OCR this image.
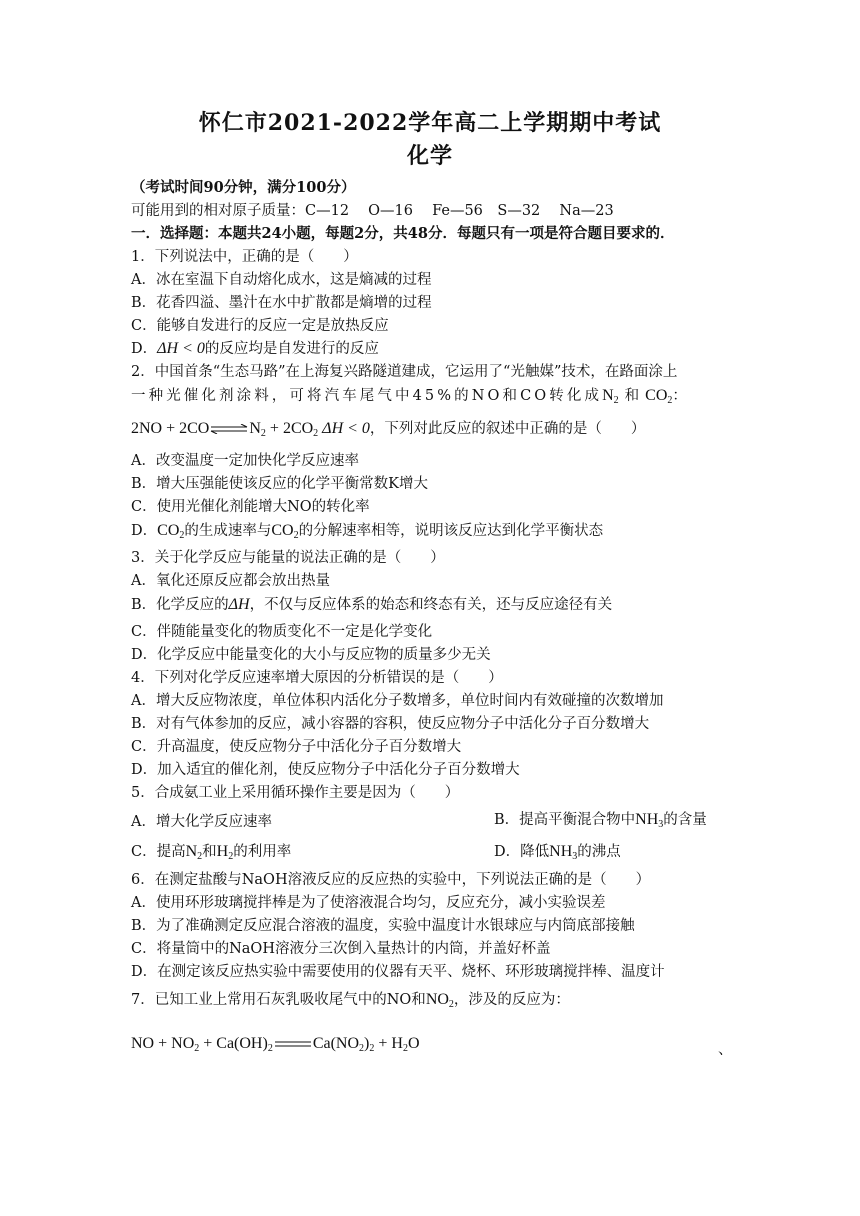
怀仁市2021-2022学年高二上学期期中考试
化学
（考试时间90分钟，满分100分）
可能用到的相对原子质量：C—12　 O—16　 Fe—56　S—32　 Na—23
一．选择题：本题共24小题，每题2分，共48分．每题只有一项是符合题目要求的．
1．下列说法中，正确的是（　　）
A．冰在室温下自动熔化成水，这是熵减的过程
B．花香四溢、墨汁在水中扩散都是熵增的过程
C．能够自发进行的反应一定是放热反应
D．ΔH < 0的反应均是自发进行的反应
2．中国首条“生态马路”在上海复兴路隧道建成，它运用了“光触媒”技术，在路面涂上
一种光催化剂涂料，可将汽车尾气中45%的NO和CO转化成$N_2$ 和 $CO_2$：
$2NO + 2CO\rightleftharpoons N_2 + 2CO_2$ ΔH < 0，下列对此反应的叙述中正确的是（　　）
A．改变温度一定加快化学反应速率
B．增大压强能使该反应的化学平衡常数K增大
C．使用光催化剂能增大NO的转化率
D．$CO_2$的生成速率与$CO_2$的分解速率相等，说明该反应达到化学平衡状态
3．关于化学反应与能量的说法正确的是（　　）
A．氧化还原反应都会放出热量
B．化学反应的ΔH，不仅与反应体系的始态和终态有关，还与反应途径有关
C．伴随能量变化的物质变化不一定是化学变化
D．化学反应中能量变化的大小与反应物的质量多少无关
4．下列对化学反应速率增大原因的分析错误的是（　　）
A．增大反应物浓度，单位体积内活化分子数增多，单位时间内有效碰撞的次数增加
B．对有气体参加的反应，减小容器的容积，使反应物分子中活化分子百分数增大
C．升高温度，使反应物分子中活化分子百分数增大
D．加入适宜的催化剂，使反应物分子中活化分子百分数增大
5．合成氨工业上采用循环操作主要是因为（　　）
A．增大化学反应速率	B．提高平衡混合物中$NH_3$的含量
C．提高$N_2$和$H_2$的利用率	D．降低$NH_3$的沸点
6．在测定盐酸与NaOH溶液反应的反应热的实验中，下列说法正确的是（　　）
A．使用环形玻璃搅拌棒是为了使溶液混合均匀，反应充分，减小实验误差
B．为了准确测定反应混合溶液的温度，实验中温度计水银球应与内筒底部接触
C．将量筒中的NaOH溶液分三次倒入量热计的内筒，并盖好杯盖
D．在测定该反应热实验中需要使用的仪器有天平、烧杯、环形玻璃搅拌棒、温度计
7．已知工业上常用石灰乳吸收尾气中的NO和$NO_2$，涉及的反应为：
NO + $NO_2 + Ca(OH)_2$	$Ca(NO_2)_2 + H_2O$	、
